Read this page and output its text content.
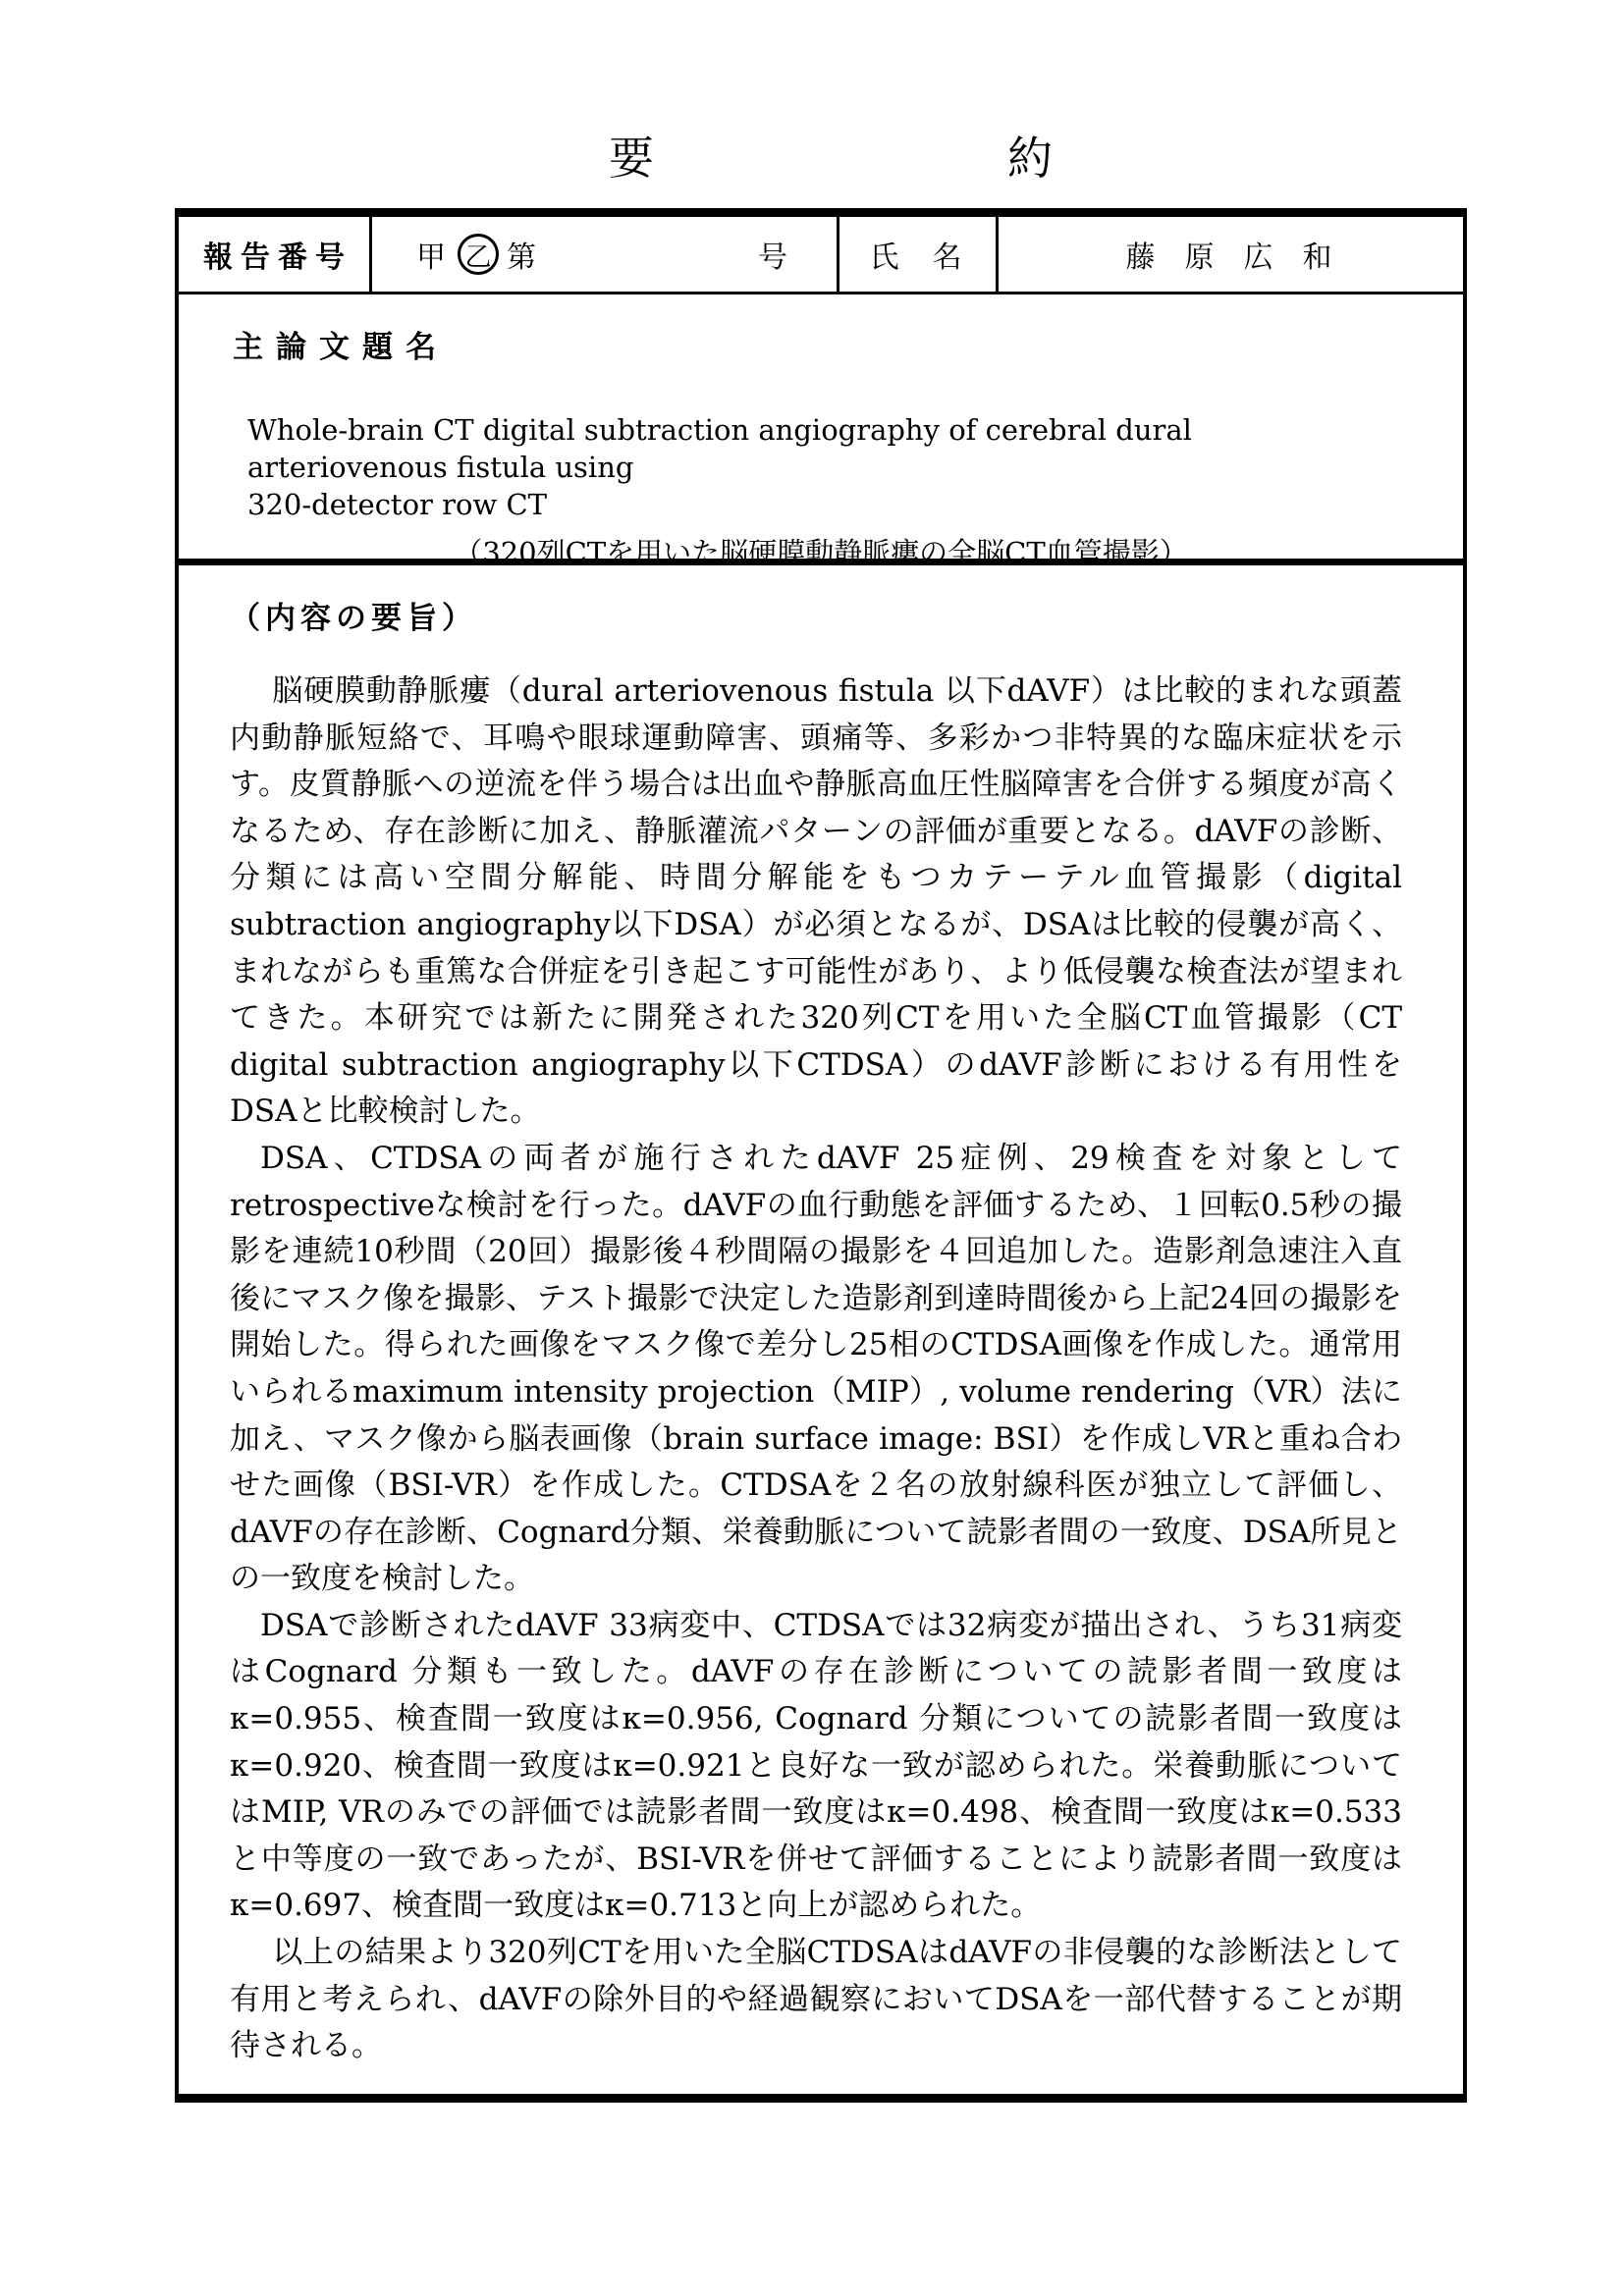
要	約
報告番号	甲 乙 第	号	氏名	藤原広和
主論文題名
Whole-brain CT digital subtraction angiography of cerebral dural arteriovenous fistula using
320-detector row CT
（320列CTを用いた脳硬膜動静脈瘻の全脳CT血管撮影）
（内容の要旨）

脳硬膜動静脈瘻（dural arteriovenous fistula 以下dAVF）は比較的まれな頭蓋内動静脈短絡で、耳鳴や眼球運動障害、頭痛等、多彩かつ非特異的な臨床症状を示す。皮質静脈への逆流を伴う場合は出血や静脈高血圧性脳障害を合併する頻度が高くなるため、存在診断に加え、静脈灌流パターンの評価が重要となる。dAVFの診断、分類には高い空間分解能、時間分解能をもつカテーテル血管撮影（digital subtraction angiography以下DSA）が必須となるが、DSAは比較的侵襲が高く、まれながらも重篤な合併症を引き起こす可能性があり、より低侵襲な検査法が望まれてきた。本研究では新たに開発された320列CTを用いた全脳CT血管撮影（CT digital subtraction angiography以下CTDSA）のdAVF診断における有用性をDSAと比較検討した。

DSA、CTDSAの両者が施行されたdAVF 25症例、29検査を対象としてretrospectiveな検討を行った。dAVFの血行動態を評価するため、１回転0.5秒の撮影を連続10秒間（20回）撮影後４秒間隔の撮影を４回追加した。造影剤急速注入直後にマスク像を撮影、テスト撮影で決定した造影剤到達時間後から上記24回の撮影を開始した。得られた画像をマスク像で差分し25相のCTDSA画像を作成した。通常用いられるmaximum intensity projection（MIP）, volume rendering（VR）法に加え、マスク像から脳表画像（brain surface image: BSI）を作成しVRと重ね合わせた画像（BSI-VR）を作成した。CTDSAを２名の放射線科医が独立して評価し、dAVFの存在診断、Cognard分類、栄養動脈について読影者間の一致度、DSA所見との一致度を検討した。

DSAで診断されたdAVF 33病変中、CTDSAでは32病変が描出され、うち31病変はCognard 分類も一致した。dAVFの存在診断についての読影者間一致度はκ=0.955、検査間一致度はκ=0.956, Cognard 分類についての読影者間一致度はκ=0.920、検査間一致度はκ=0.921と良好な一致が認められた。栄養動脈についてはMIP, VRのみでの評価では読影者間一致度はκ=0.498、検査間一致度はκ=0.533と中等度の一致であったが、BSI-VRを併せて評価することにより読影者間一致度はκ=0.697、検査間一致度はκ=0.713と向上が認められた。

以上の結果より320列CTを用いた全脳CTDSAはdAVFの非侵襲的な診断法として有用と考えられ、dAVFの除外目的や経過観察においてDSAを一部代替することが期待される。
